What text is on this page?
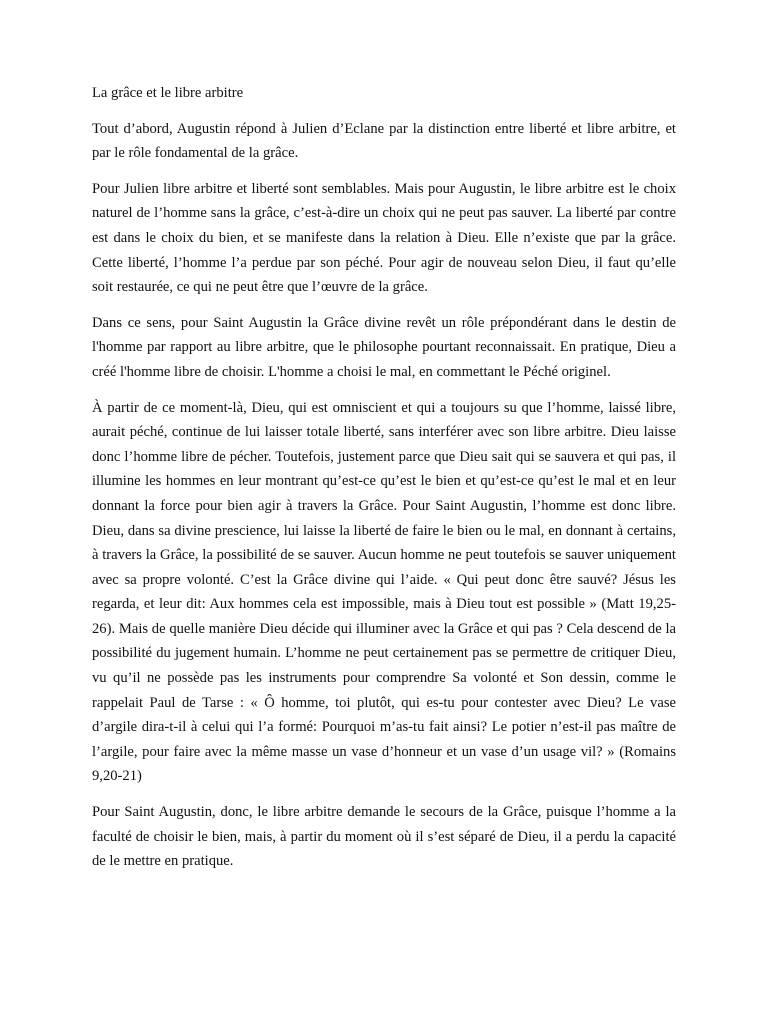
La grâce et le libre arbitre

Tout d’abord, Augustin répond à Julien d’Eclane par la distinction entre liberté et libre arbitre, et par le rôle fondamental de la grâce.

Pour Julien libre arbitre et liberté sont semblables. Mais pour Augustin, le libre arbitre est le choix naturel de l’homme sans la grâce, c’est-à-dire un choix qui ne peut pas sauver. La liberté par contre est dans le choix du bien, et se manifeste dans la relation à Dieu. Elle n’existe que par la grâce. Cette liberté, l’homme l’a perdue par son péché. Pour agir de nouveau selon Dieu, il faut qu’elle soit restaurée, ce qui ne peut être que l’œuvre de la grâce.

Dans ce sens, pour Saint Augustin la Grâce divine revêt un rôle prépondérant dans le destin de l'homme par rapport au libre arbitre, que le philosophe pourtant reconnaissait. En pratique, Dieu a créé l'homme libre de choisir. L'homme a choisi le mal, en commettant le Péché originel.

À partir de ce moment-là, Dieu, qui est omniscient et qui a toujours su que l’homme, laissé libre, aurait péché, continue de lui laisser totale liberté, sans interférer avec son libre arbitre. Dieu laisse donc l’homme libre de pécher. Toutefois, justement parce que Dieu sait qui se sauvera et qui pas, il illumine les hommes en leur montrant qu’est-ce qu’est le bien et qu’est-ce qu’est le mal et en leur donnant la force pour bien agir à travers la Grâce. Pour Saint Augustin, l’homme est donc libre. Dieu, dans sa divine prescience, lui laisse la liberté de faire le bien ou le mal, en donnant à certains, à travers la Grâce, la possibilité de se sauver. Aucun homme ne peut toutefois se sauver uniquement avec sa propre volonté. C’est la Grâce divine qui l’aide. « Qui peut donc être sauvé? Jésus les regarda, et leur dit: Aux hommes cela est impossible, mais à Dieu tout est possible » (Matt 19,25-26). Mais de quelle manière Dieu décide qui illuminer avec la Grâce et qui pas ? Cela descend de la possibilité du jugement humain. L’homme ne peut certainement pas se permettre de critiquer Dieu, vu qu’il ne possède pas les instruments pour comprendre Sa volonté et Son dessin, comme le rappelait Paul de Tarse : « Ô homme, toi plutôt, qui es-tu pour contester avec Dieu? Le vase d’argile dira-t-il à celui qui l’a formé: Pourquoi m’as-tu fait ainsi? Le potier n’est-il pas maître de l’argile, pour faire avec la même masse un vase d’honneur et un vase d’un usage vil? » (Romains 9,20-21)

Pour Saint Augustin, donc, le libre arbitre demande le secours de la Grâce, puisque l’homme a la faculté de choisir le bien, mais, à partir du moment où il s’est séparé de Dieu, il a perdu la capacité de le mettre en pratique.
